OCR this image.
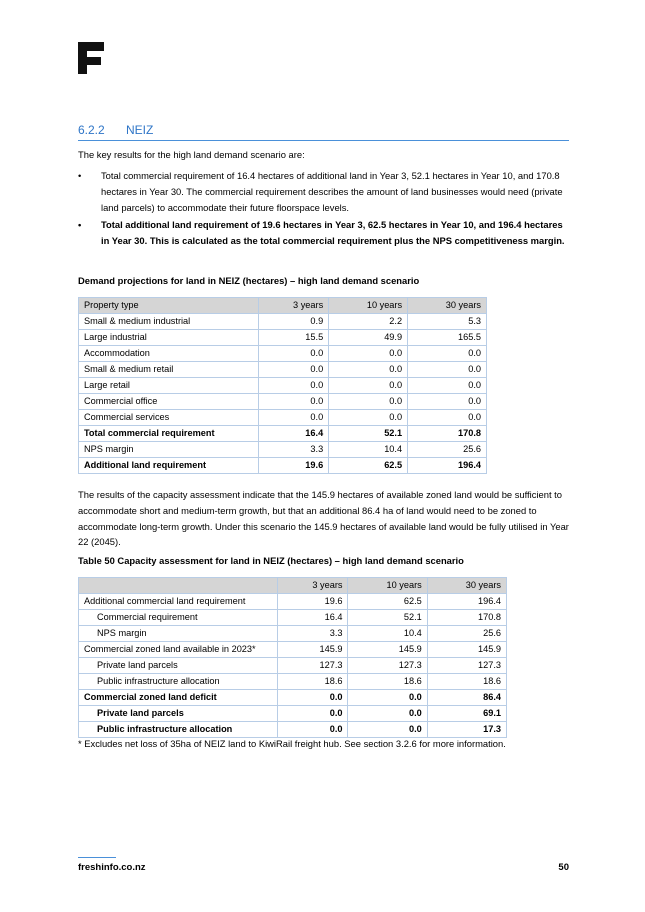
6.2.2 NEIZ
The key results for the high land demand scenario are:
• Total commercial requirement of 16.4 hectares of additional land in Year 3, 52.1 hectares in Year 10, and 170.8 hectares in Year 30. The commercial requirement describes the amount of land businesses would need (private land parcels) to accommodate their future floorspace levels.
• Total additional land requirement of 19.6 hectares in Year 3, 62.5 hectares in Year 10, and 196.4 hectares in Year 30. This is calculated as the total commercial requirement plus the NPS competitiveness margin.
Demand projections for land in NEIZ (hectares) – high land demand scenario
Property type	3 years	10 years	30 years
Small & medium industrial	0.9	2.2	5.3
Large industrial	15.5	49.9	165.5
Accommodation	0.0	0.0	0.0
Small & medium retail	0.0	0.0	0.0
Large retail	0.0	0.0	0.0
Commercial office	0.0	0.0	0.0
Commercial services	0.0	0.0	0.0
Total commercial requirement	16.4	52.1	170.8
NPS margin	3.3	10.4	25.6
Additional land requirement	19.6	62.5	196.4
The results of the capacity assessment indicate that the 145.9 hectares of available zoned land would be sufficient to accommodate short and medium-term growth, but that an additional 86.4 ha of land would need to be zoned to accommodate long-term growth. Under this scenario the 145.9 hectares of available land would be fully utilised in Year 22 (2045).
Table 50 Capacity assessment for land in NEIZ (hectares) – high land demand scenario
	3 years	10 years	30 years
Additional commercial land requirement	19.6	62.5	196.4
Commercial requirement	16.4	52.1	170.8
NPS margin	3.3	10.4	25.6
Commercial zoned land available in 2023*	145.9	145.9	145.9
Private land parcels	127.3	127.3	127.3
Public infrastructure allocation	18.6	18.6	18.6
Commercial zoned land deficit	0.0	0.0	86.4
Private land parcels	0.0	0.0	69.1
Public infrastructure allocation	0.0	0.0	17.3
* Excludes net loss of 35ha of NEIZ land to KiwiRail freight hub. See section 3.2.6 for more information.
freshinfo.co.nz	50
